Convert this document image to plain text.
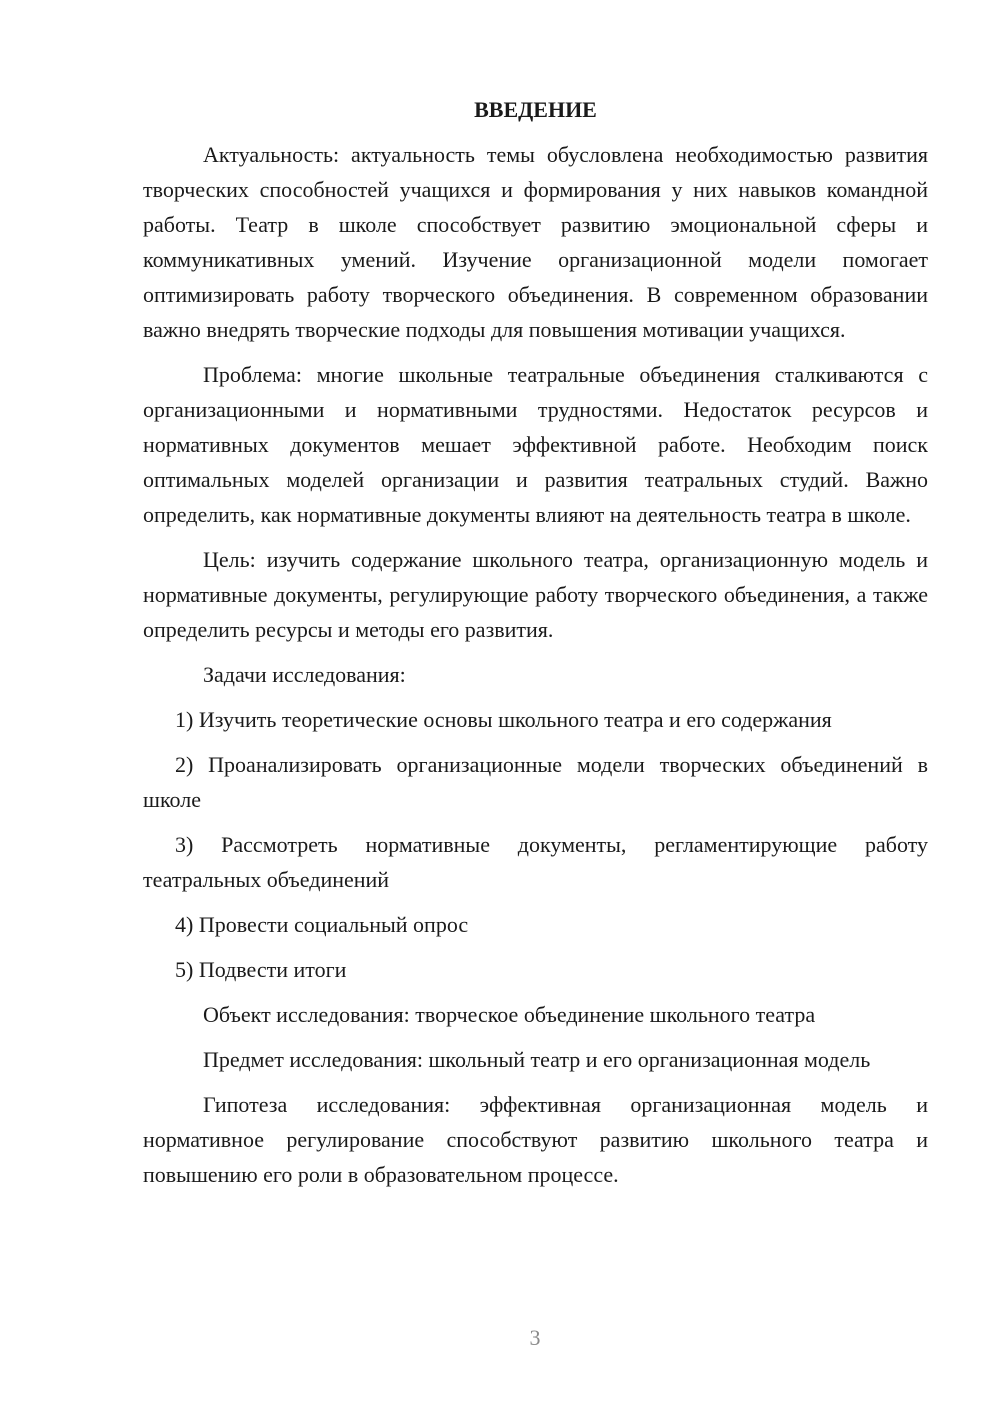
ВВЕДЕНИЕ

Актуальность: актуальность темы обусловлена необходимостью развития творческих способностей учащихся и формирования у них навыков командной работы. Театр в школе способствует развитию эмоциональной сферы и коммуникативных умений. Изучение организационной модели помогает оптимизировать работу творческого объединения. В современном образовании важно внедрять творческие подходы для повышения мотивации учащихся.

Проблема: многие школьные театральные объединения сталкиваются с организационными и нормативными трудностями. Недостаток ресурсов и нормативных документов мешает эффективной работе. Необходим поиск оптимальных моделей организации и развития театральных студий. Важно определить, как нормативные документы влияют на деятельность театра в школе.

Цель: изучить содержание школьного театра, организационную модель и нормативные документы, регулирующие работу творческого объединения, а также определить ресурсы и методы его развития.

Задачи исследования:

1) Изучить теоретические основы школьного театра и его содержания

2) Проанализировать организационные модели творческих объединений в школе

3) Рассмотреть нормативные документы, регламентирующие работу театральных объединений

4) Провести социальный опрос

5) Подвести итоги

Объект исследования: творческое объединение школьного театра

Предмет исследования: школьный театр и его организационная модель

Гипотеза исследования: эффективная организационная модель и нормативное регулирование способствуют развитию школьного театра и повышению его роли в образовательном процессе.

3
